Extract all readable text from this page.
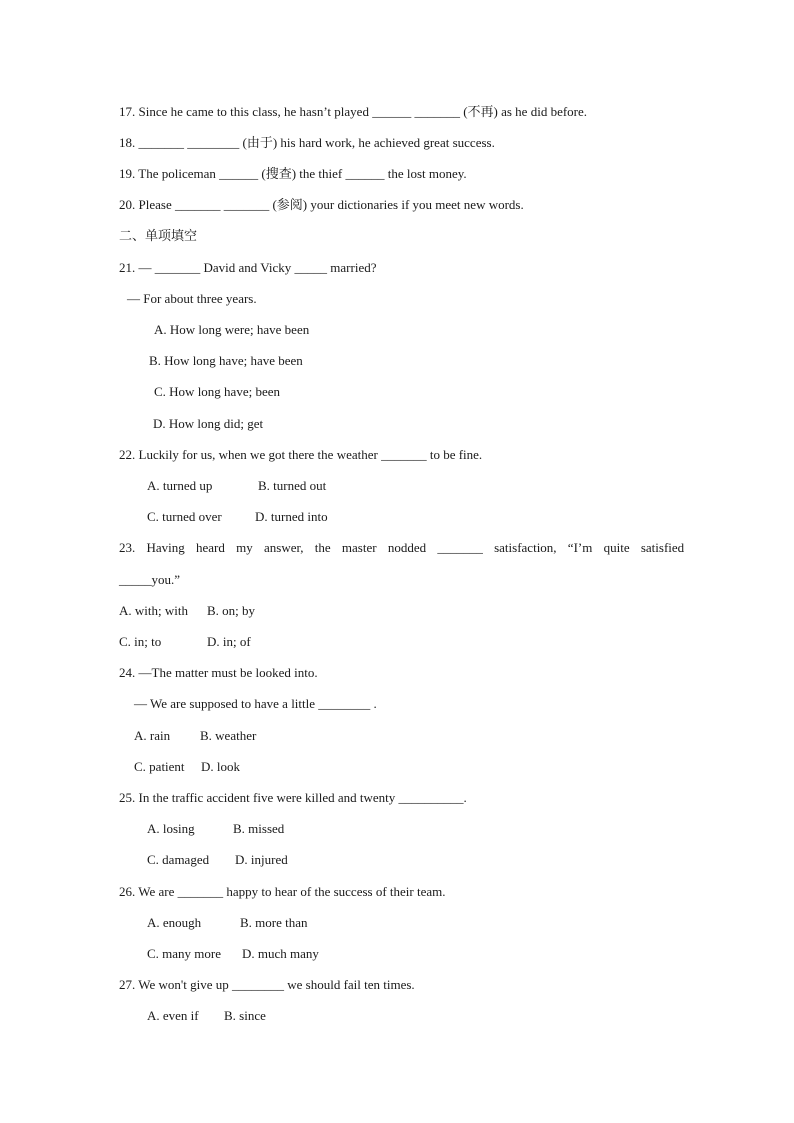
17. Since he came to this class, he hasn’t played ______ _______ (不再) as he did before.
18. _______ ________ (由于) his hard work, he achieved great success.
19. The policeman ______ (搜查) the thief ______ the lost money.
20. Please _______ _______ (参阅) your dictionaries if you meet new words.
二、单项填空
21. — _______ David and Vicky _____ married?
— For about three years.
A. How long were; have been
B. How long have; have been
C. How long have; been
D. How long did; get
22. Luckily for us, when we got there the weather _______ to be fine.
A. turned up	B. turned out
C. turned over	D. turned into
23. Having heard my answer, the master nodded _______ satisfaction, “I’m quite satisfied
_____you.”
A. with; with B. on; by
C. in; to	D. in; of
24. —The matter must be looked into.
— We are supposed to have a little ________ .
A. rain B. weather
C. patient D. look
25. In the traffic accident five were killed and twenty __________.
A. losing	B. missed
C. damaged D. injured
26. We are _______ happy to hear of the success of their team.
A. enough	B. more than
C. many more D. much many
27. We won't give up ________ we should fail ten times.
A. even if B. since
